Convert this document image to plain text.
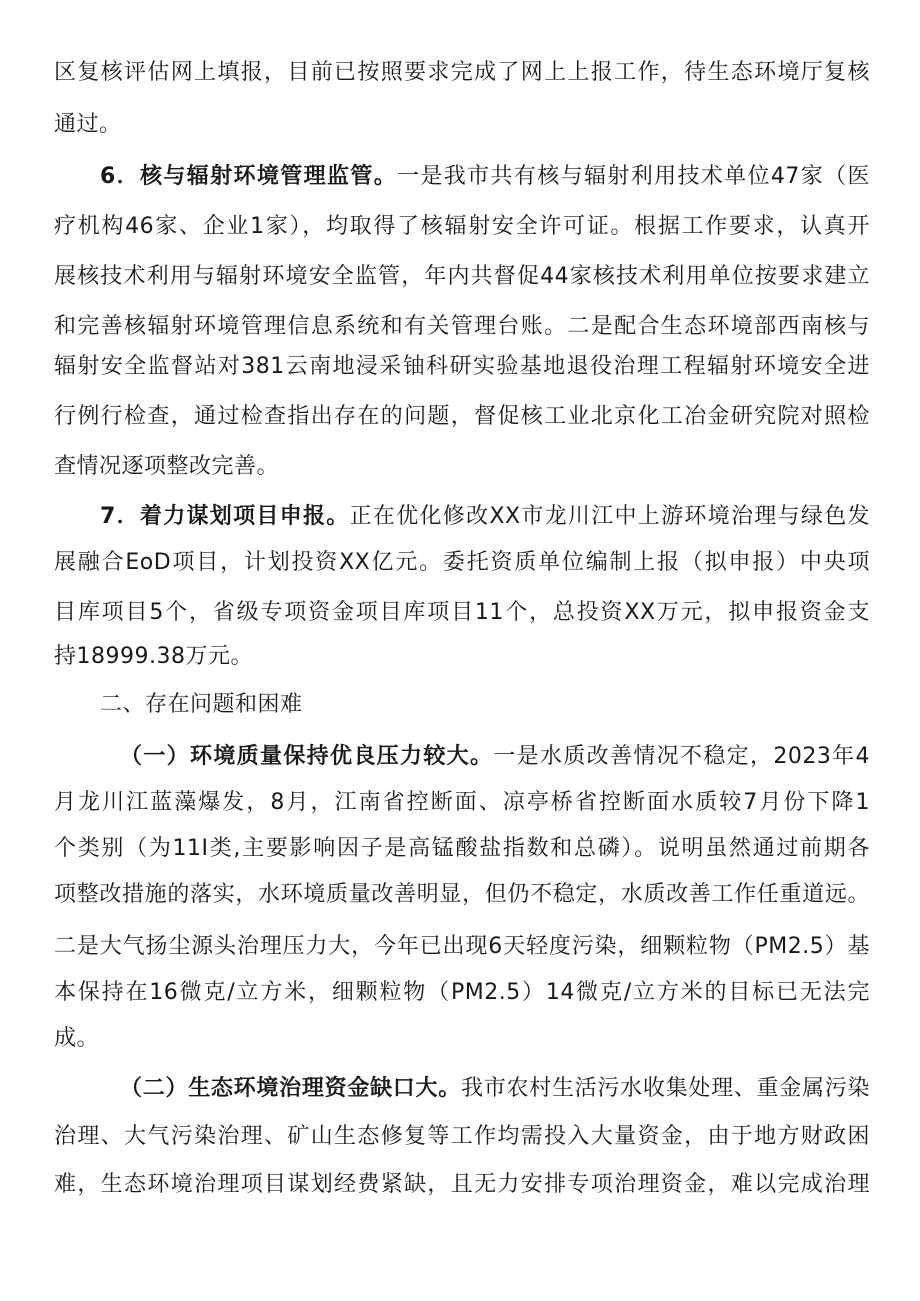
区复核评估网上填报，目前已按照要求完成了网上上报工作，待生态环境厅复核
通过。
6．核与辐射环境管理监管。一是我市共有核与辐射利用技术单位47家（医
疗机构46家、企业1家），均取得了核辐射安全许可证。根据工作要求，认真开
展核技术利用与辐射环境安全监管，年内共督促44家核技术利用单位按要求建立
和完善核辐射环境管理信息系统和有关管理台账。二是配合生态环境部西南核与
辐射安全监督站对381云南地浸采铀科研实验基地退役治理工程辐射环境安全进
行例行检查，通过检查指出存在的问题，督促核工业北京化工冶金研究院对照检
查情况逐项整改完善。
7．着力谋划项目申报。正在优化修改XX市龙川江中上游环境治理与绿色发
展融合EoD项目，计划投资XX亿元。委托资质单位编制上报（拟申报）中央项
目库项目5个，省级专项资金项目库项目11个，总投资XX万元，拟申报资金支
持18999.38万元。
二、存在问题和困难
（一）环境质量保持优良压力较大。一是水质改善情况不稳定，2023年4
月龙川江蓝藻爆发，8月，江南省控断面、凉亭桥省控断面水质较7月份下降1
个类别（为11I类,主要影响因子是高锰酸盐指数和总磷）。说明虽然通过前期各
项整改措施的落实，水环境质量改善明显，但仍不稳定，水质改善工作任重道远。
二是大气扬尘源头治理压力大，今年已出现6天轻度污染，细颗粒物（PM2.5）基
本保持在16微克/立方米，细颗粒物（PM2.5）14微克/立方米的目标已无法完
成。
（二）生态环境治理资金缺口大。我市农村生活污水收集处理、重金属污染
治理、大气污染治理、矿山生态修复等工作均需投入大量资金，由于地方财政困
难，生态环境治理项目谋划经费紧缺，且无力安排专项治理资金，难以完成治理
